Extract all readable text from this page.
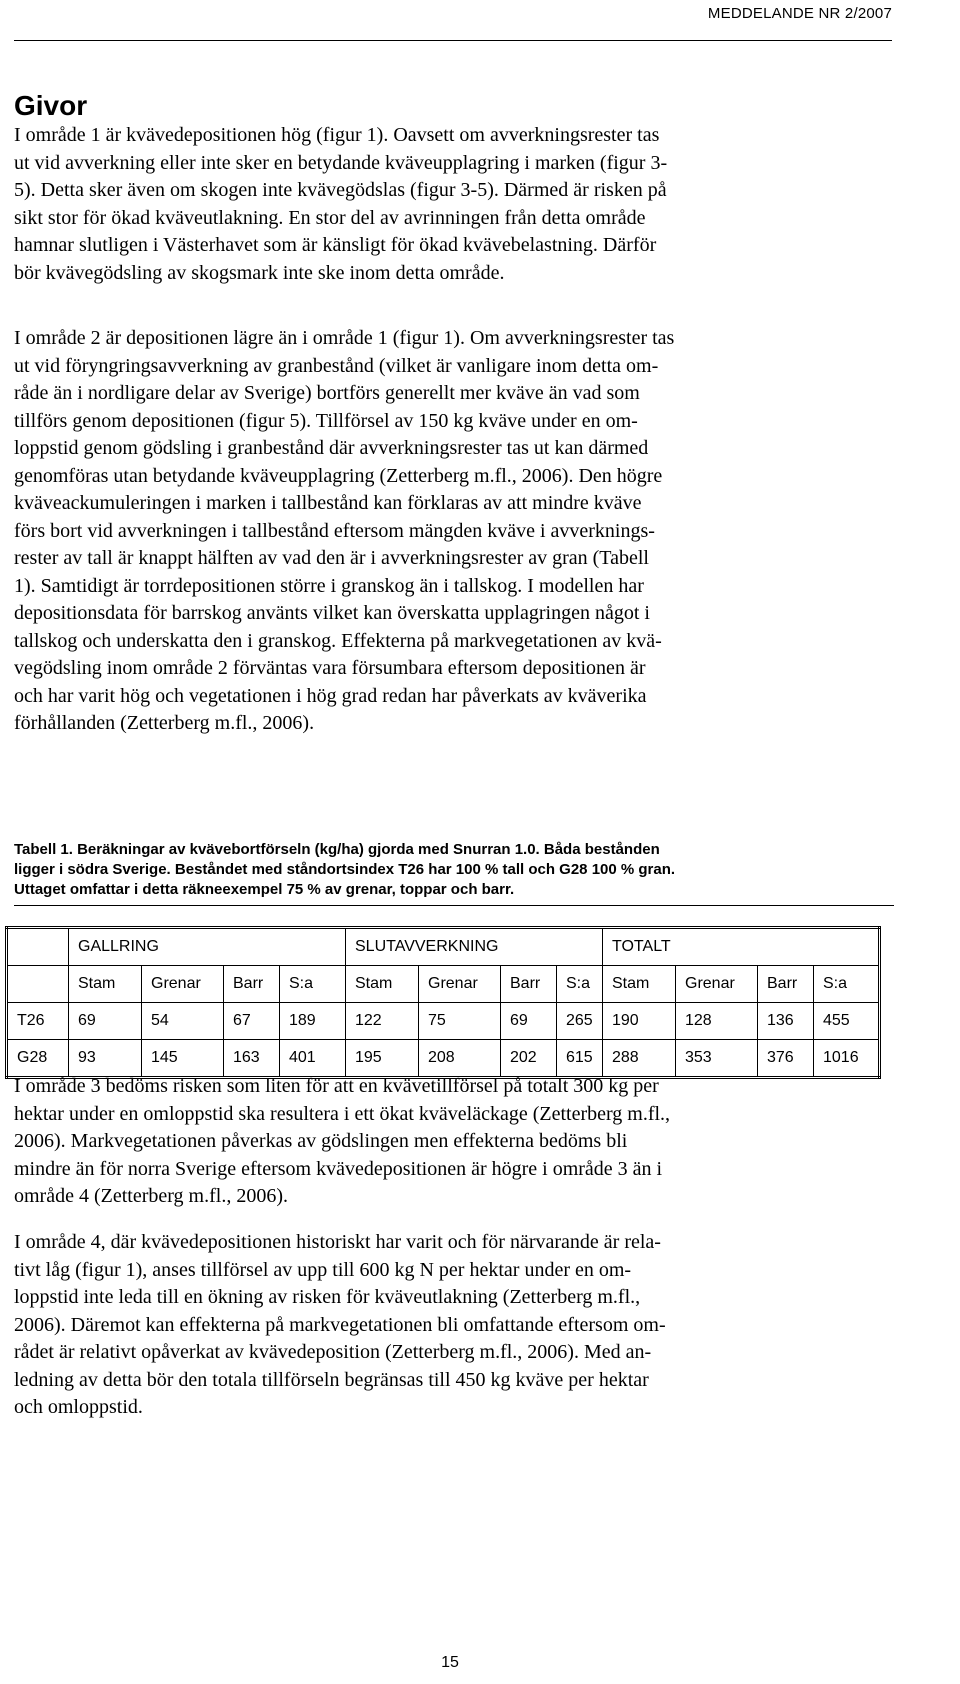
MEDDELANDE NR 2/2007
Givor

I område 1 är kvävedepositionen hög (figur 1). Oavsett om avverkningsrester tas
ut vid avverkning eller inte sker en betydande kväveupplagring i marken (figur 3-
5). Detta sker även om skogen inte kvävegödslas (figur 3-5). Därmed är risken på
sikt stor för ökad kväveutlakning. En stor del av avrinningen från detta område
hamnar slutligen i Västerhavet som är känsligt för ökad kvävebelastning. Därför
bör kvävegödsling av skogsmark inte ske inom detta område.

I område 2 är depositionen lägre än i område 1 (figur 1). Om avverkningsrester tas
ut vid föryngringsavverkning av granbestånd (vilket är vanligare inom detta om-
råde än i nordligare delar av Sverige) bortförs generellt mer kväve än vad som
tillförs genom depositionen (figur 5). Tillförsel av 150 kg kväve under en om-
loppstid genom gödsling i granbestånd där avverkningsrester tas ut kan därmed
genomföras utan betydande kväveupplagring (Zetterberg m.fl., 2006). Den högre
kväveackumuleringen i marken i tallbestånd kan förklaras av att mindre kväve
förs bort vid avverkningen i tallbestånd eftersom mängden kväve i avverknings-
rester av tall är knappt hälften av vad den är i avverkningsrester av gran (Tabell
1). Samtidigt är torrdepositionen större i granskog än i tallskog. I modellen har
depositionsdata för barrskog använts vilket kan överskatta upplagringen något i
tallskog och underskatta den i granskog. Effekterna på markvegetationen av kvä-
vegödsling inom område 2 förväntas vara försumbara eftersom depositionen är
och har varit hög och vegetationen i hög grad redan har påverkats av kväverika
förhållanden (Zetterberg m.fl., 2006).

Tabell 1. Beräkningar av kvävebortförseln (kg/ha) gjorda med Snurran 1.0. Båda bestånden
ligger i södra Sverige. Beståndet med ståndortsindex T26 har 100 % tall och G28 100 % gran.
Uttaget omfattar i detta räkneexempel 75 % av grenar, toppar och barr.
	GALLRING				SLUTAVVERKNING				TOTALT			
	Stam	Grenar	Barr	S:a	Stam	Grenar	Barr	S:a	Stam	Grenar	Barr	S:a
T26	69	54	67	189	122	75	69	265	190	128	136	455
G28	93	145	163	401	195	208	202	615	288	353	376	1016

I område 3 bedöms risken som liten för att en kvävetillförsel på totalt 300 kg per
hektar under en omloppstid ska resultera i ett ökat kväveläckage (Zetterberg m.fl.,
2006). Markvegetationen påverkas av gödslingen men effekterna bedöms bli
mindre än för norra Sverige eftersom kvävedepositionen är högre i område 3 än i
område 4 (Zetterberg m.fl., 2006).

I område 4, där kvävedepositionen historiskt har varit och för närvarande är rela-
tivt låg (figur 1), anses tillförsel av upp till 600 kg N per hektar under en om-
loppstid inte leda till en ökning av risken för kväveutlakning (Zetterberg m.fl.,
2006). Däremot kan effekterna på markvegetationen bli omfattande eftersom om-
rådet är relativt opåverkat av kvävedeposition (Zetterberg m.fl., 2006). Med an-
ledning av detta bör den totala tillförseln begränsas till 450 kg kväve per hektar
och omloppstid.

15
